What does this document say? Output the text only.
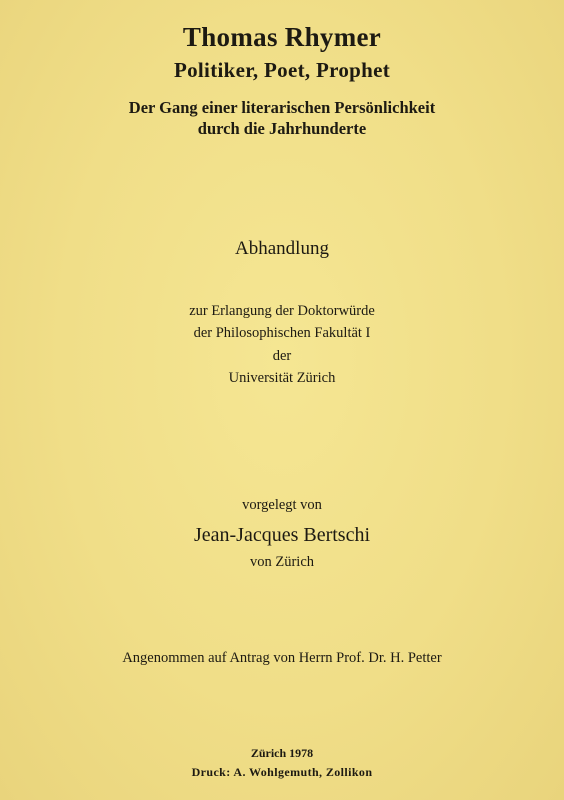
Thomas Rhymer
Politiker, Poet, Prophet
Der Gang einer literarischen Persönlichkeit
durch die Jahrhunderte
Abhandlung
zur Erlangung der Doktorwürde
der Philosophischen Fakultät I
der
Universität Zürich
vorgelegt von
Jean-Jacques Bertschi
von Zürich
Angenommen auf Antrag von Herrn Prof. Dr. H. Petter
Zürich 1978
Druck: A. Wohlgemuth, Zollikon
